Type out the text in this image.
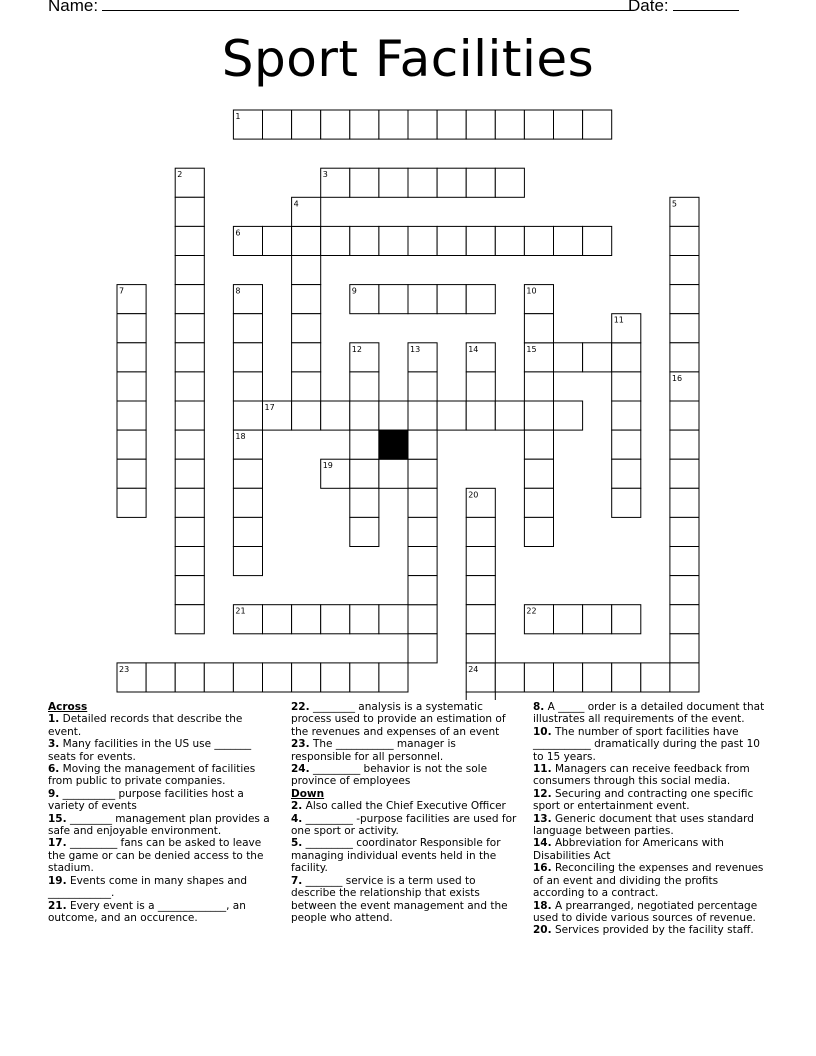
Name:	Date:
Sport Facilities
1
6
15
17
19
21	22
23	24
3
9
2
4	5
7	8	10
11
12	13	14
16
18
20

Across

1. Detailed records that describe the event.

3. Many facilities in the US use _______ seats for events.

6. Moving the management of facilities from public to private companies.

9. __________ purpose facilities host a variety of events

15. ________ management plan provides a safe and enjoyable environment.

17. _________ fans can be asked to leave the game or can be denied access to the stadium.

19. Events come in many shapes and ____________.

21. Every event is a _____________, an outcome, and an occurence.

22. ________ analysis is a systematic process used to provide an estimation of the revenues and expenses of an event

23. The ___________ manager is responsible for all personnel.

24. _________ behavior is not the sole province of employees

Down

2. Also called the Chief Executive Officer

4. _________ -purpose facilities are used for one sport or activity.

5. _________ coordinator Responsible for managing individual events held in the facility.

7. _______ service is a term used to describe the relationship that exists between the event management and the people who attend.

8. A _____ order is a detailed document that illustrates all requirements of the event.

10. The number of sport facilities have ___________ dramatically during the past 10 to 15 years.

11. Managers can receive feedback from consumers through this social media.

12. Securing and contracting one specific sport or entertainment event.

13. Generic document that uses standard language between parties.

14. Abbreviation for Americans with Disabilities Act

16. Reconciling the expenses and revenues of an event and dividing the profits according to a contract.

18. A prearranged, negotiated percentage used to divide various sources of revenue.

20. Services provided by the facility staff.
